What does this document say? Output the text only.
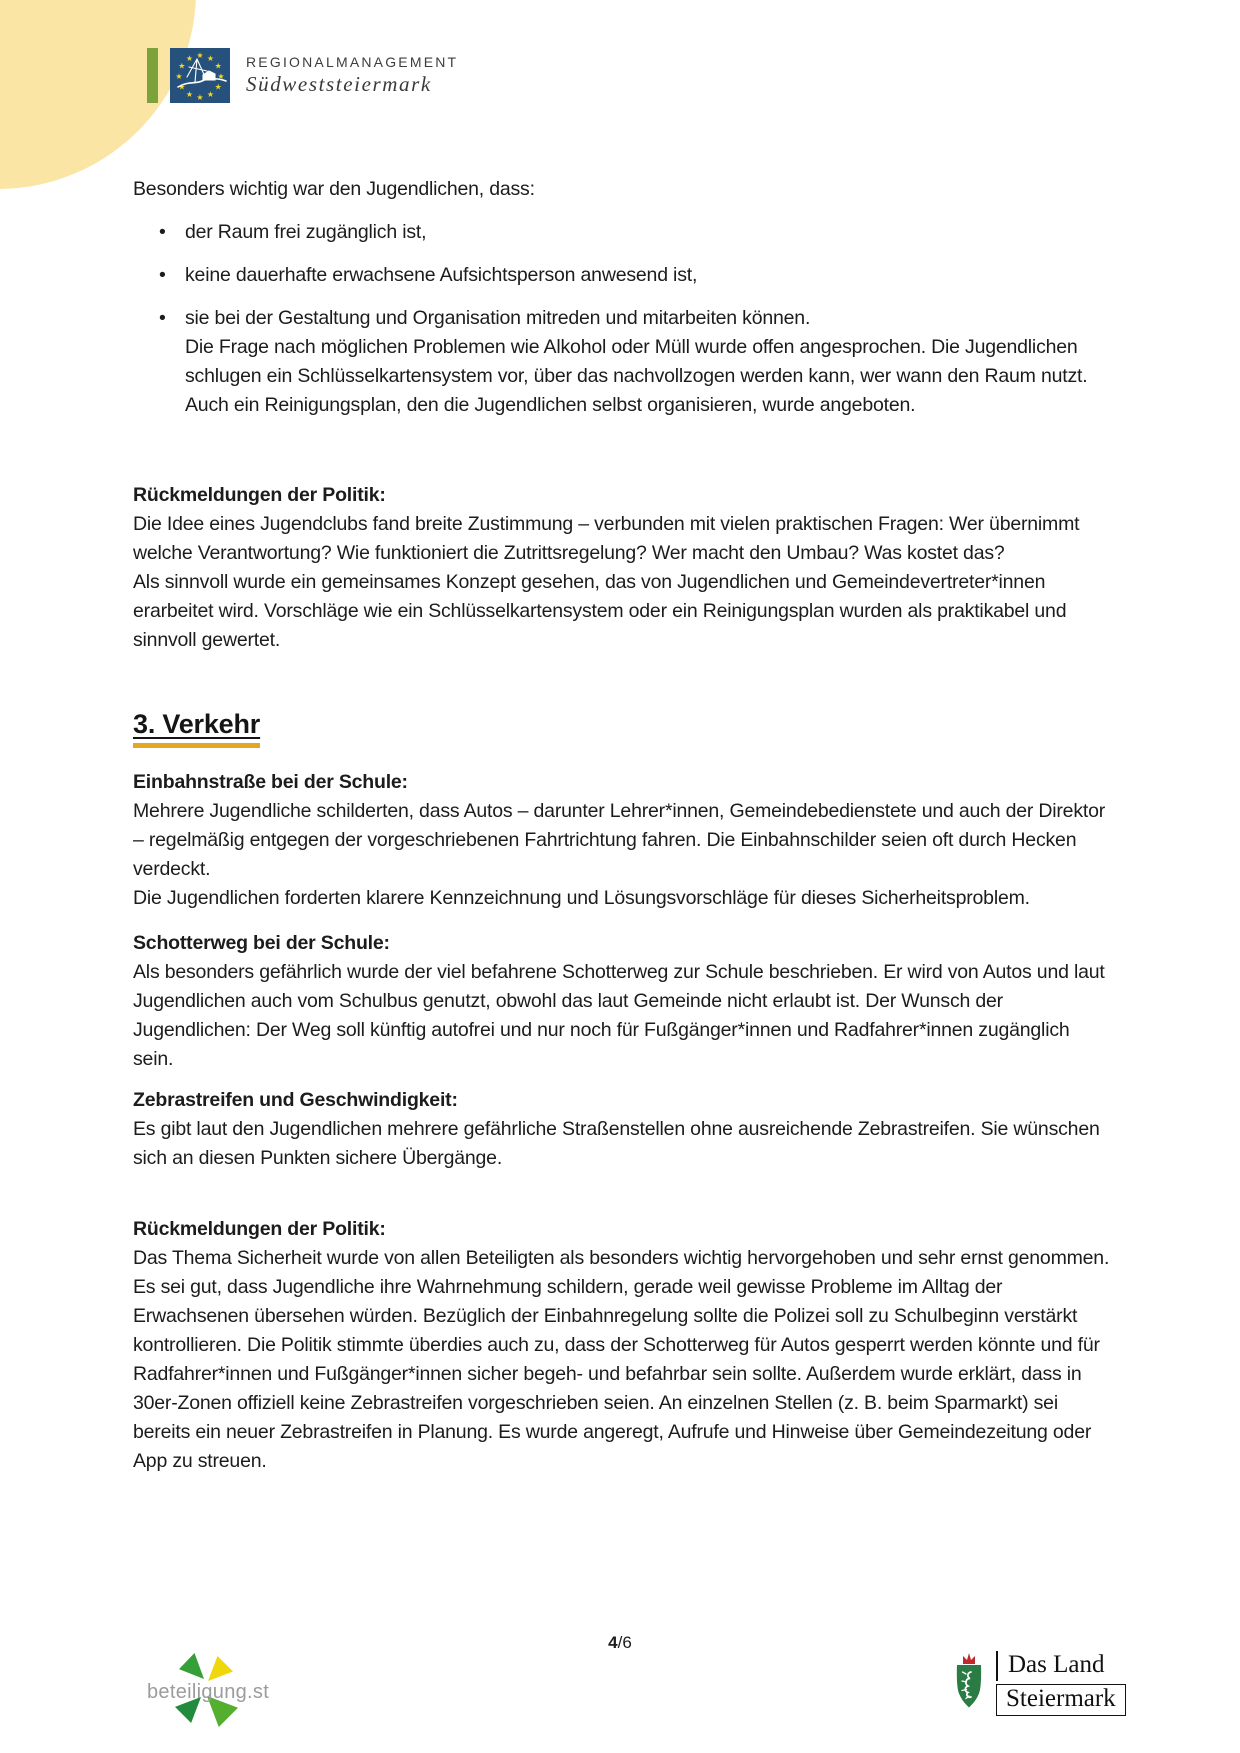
★ ★
★
★
★
★
★
★
★
★
★
★	REGIONALMANAGEMENT
Südweststeiermark

Besonders wichtig war den Jugendlichen, dass:

• der Raum frei zugänglich ist,
• keine dauerhafte erwachsene Aufsichtsperson anwesend ist,
• sie bei der Gestaltung und Organisation mitreden und mitarbeiten können.
Die Frage nach möglichen Problemen wie Alkohol oder Müll wurde offen angesprochen. Die Jugendlichen schlugen ein Schlüsselkartensystem vor, über das nachvollzogen werden kann, wer wann den Raum nutzt. Auch ein Reinigungsplan, den die Jugendlichen selbst organisieren, wurde angeboten.

Rückmeldungen der Politik:

Die Idee eines Jugendclubs fand breite Zustimmung – verbunden mit vielen praktischen Fragen: Wer übernimmt welche Verantwortung? Wie funktioniert die Zutrittsregelung? Wer macht den Umbau? Was kostet das?

Als sinnvoll wurde ein gemeinsames Konzept gesehen, das von Jugendlichen und Gemeindevertreter*innen erarbeitet wird. Vorschläge wie ein Schlüsselkartensystem oder ein Reinigungsplan wurden als praktikabel und sinnvoll gewertet.

3. Verkehr

Einbahnstraße bei der Schule:

Mehrere Jugendliche schilderten, dass Autos – darunter Lehrer*innen, Gemeindebedienstete und auch der Direktor – regelmäßig entgegen der vorgeschriebenen Fahrtrichtung fahren. Die Einbahnschilder seien oft durch Hecken verdeckt.

Die Jugendlichen forderten klarere Kennzeichnung und Lösungsvorschläge für dieses Sicherheitsproblem.

Schotterweg bei der Schule:

Als besonders gefährlich wurde der viel befahrene Schotterweg zur Schule beschrieben. Er wird von Autos und laut Jugendlichen auch vom Schulbus genutzt, obwohl das laut Gemeinde nicht erlaubt ist. Der Wunsch der Jugendlichen: Der Weg soll künftig autofrei und nur noch für Fußgänger*innen und Radfahrer*innen zugänglich sein.

Zebrastreifen und Geschwindigkeit:

Es gibt laut den Jugendlichen mehrere gefährliche Straßenstellen ohne ausreichende Zebrastreifen. Sie wünschen sich an diesen Punkten sichere Übergänge.

Rückmeldungen der Politik:

Das Thema Sicherheit wurde von allen Beteiligten als besonders wichtig hervorgehoben und sehr ernst genommen. Es sei gut, dass Jugendliche ihre Wahrnehmung schildern, gerade weil gewisse Probleme im Alltag der Erwachsenen übersehen würden. Bezüglich der Einbahnregelung sollte die Polizei soll zu Schulbeginn verstärkt kontrollieren. Die Politik stimmte überdies auch zu, dass der Schotterweg für Autos gesperrt werden könnte und für Radfahrer*innen und Fußgänger*innen sicher begeh- und befahrbar sein sollte. Außerdem wurde erklärt, dass in 30er-Zonen offiziell keine Zebrastreifen vorgeschrieben seien. An einzelnen Stellen (z. B. beim Sparmarkt) sei bereits ein neuer Zebrastreifen in Planung. Es wurde angeregt, Aufrufe und Hinweise über Gemeindezeitung oder App zu streuen.

4/6
beteiligung.st
Das Land
Steiermark
